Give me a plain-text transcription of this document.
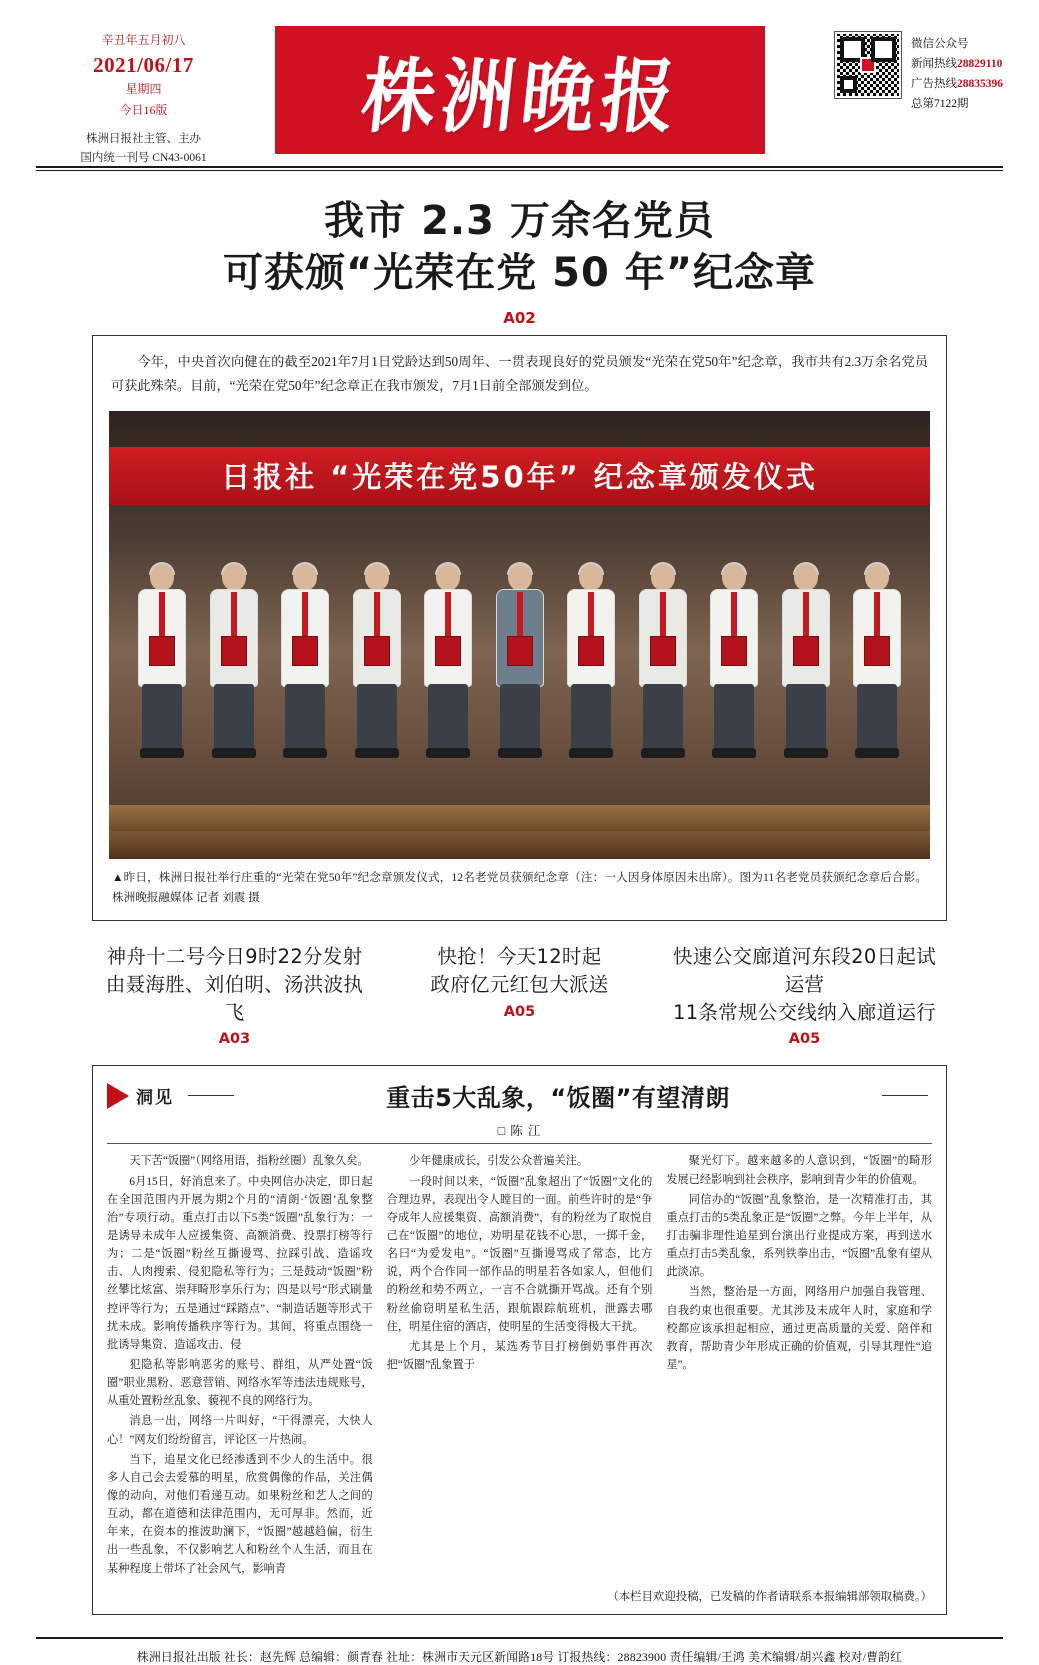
辛丑年五月初八
2021/06/17
星期四
今日16版
株洲日报社主管、主办
国内统一刊号 CN43-0061
株洲晚报
微信公众号
新闻热线28829110
广告热线28835396
总第7122期
我市 2.3 万余名党员
可获颁“光荣在党 50 年”纪念章
A02

今年，中央首次向健在的截至2021年7月1日党龄达到50周年、一贯表现良好的党员颁发“光荣在党50年”纪念章，我市共有2.3万余名党员可获此殊荣。目前，“光荣在党50年”纪念章正在我市颁发，7月1日前全部颁发到位。

日报社 “光荣在党50年” 纪念章颁发仪式

▲昨日，株洲日报社举行庄重的“光荣在党50年”纪念章颁发仪式，12名老党员获颁纪念章（注：一人因身体原因未出席）。图为11名老党员获颁纪念章后合影。株洲晚报融媒体 记者 刘震 摄

神舟十二号今日9时22分发射
由聂海胜、刘伯明、汤洪波执飞
A03
快抢！今天12时起
政府亿元红包大派送
A05
快速公交廊道河东段20日起试运营
11条常规公交线纳入廊道运行
A05
洞见	重击5大乱象，“饭圈”有望清朗
□ 陈 江

天下苦“饭圈”（网络用语，指粉丝圈）乱象久矣。

6月15日，好消息来了。中央网信办决定，即日起在全国范围内开展为期2个月的“清朗·‘饭圈’乱象整治”专项行动。重点打击以下5类“饭圈”乱象行为：一是诱导未成年人应援集资、高额消费、投票打榜等行为；二是“饭圈”粉丝互撕谩骂、拉踩引战、造谣攻击、人肉搜索、侵犯隐私等行为；三是鼓动“饭圈”粉丝攀比炫富、崇拜畸形享乐行为；四是以号“形式刷量控评等行为；五是通过“踩踏点”、“制造话题等形式干扰未成。影响传播秩序等行为。其间，将重点围绕一批诱导集资、造谣攻击、侵

犯隐私等影响恶劣的账号、群组，从严处置“饭圈”职业黑粉、恶意营销、网络水军等违法违规账号，从重处置粉丝乱象、藐视不良的网络行为。

消息一出，网络一片叫好，“干得漂亮，大快人心！”网友们纷纷留言，评论区一片热闹。

当下，追星文化已经渗透到不少人的生活中。很多人自己会去爱慕的明星，欣赏偶像的作品，关注偶像的动向，对他们看递互动。如果粉丝和艺人之间的互动，都在道德和法律范围内，无可厚非。然而，近年来，在资本的推波助澜下，“饭圈”越越趋偏，衍生出一些乱象，不仅影响艺人和粉丝个人生活，而且在某种程度上带坏了社会风气，影响青

少年健康成长，引发公众普遍关注。

一段时间以来，“饭圈”乱象超出了“饭圈”文化的合理边界，表现出令人瞠目的一面。前些许时的是“争夺成年人应援集资、高额消费”，有的粉丝为了取悦自己在“饭圈”的地位，劝明星花钱不心思，一掷千金，名曰“为爱发电”。“饭圈”互撕谩骂成了常态，比方说，两个合作同一部作品的明星若各如家人，但他们的粉丝和势不两立，一言不合就撕开骂战。还有个别粉丝偷窃明星私生活，跟航跟踪航班机，泄露去哪住，明星住宿的酒店，使明星的生活变得极大干扰。

尤其是上个月，某选秀节目打榜倒奶事件再次把“饭圈”乱象置于

聚光灯下。越来越多的人意识到，“饭圈”的畸形发展已经影响到社会秩序，影响到青少年的价值观。

同信办的“饭圈”乱象整治，是一次精准打击，其重点打击的5类乱象正是“饭圈”之弊。今年上半年，从打击骗非理性追星到台演出行业提成方案，再到送水重点打击5类乱象，系列铁拳出击，“饭圈”乱象有望从此淡凉。

当然，整治是一方面，网络用户加强自我管理、自我约束也很重要。尤其涉及未成年人时，家庭和学校都应该承担起相应，通过更高质量的关爱、陪伴和教育，帮助青少年形成正确的价值观，引导其理性“追星”。

（本栏目欢迎投稿，已发稿的作者请联系本报编辑部领取稿费。）
株洲日报社出版 社长：赵先辉 总编辑：颜青春 社址：株洲市天元区新闻路18号 订报热线：28823900 责任编辑/王鸿 美术编辑/胡兴鑫 校对/曹韵红
